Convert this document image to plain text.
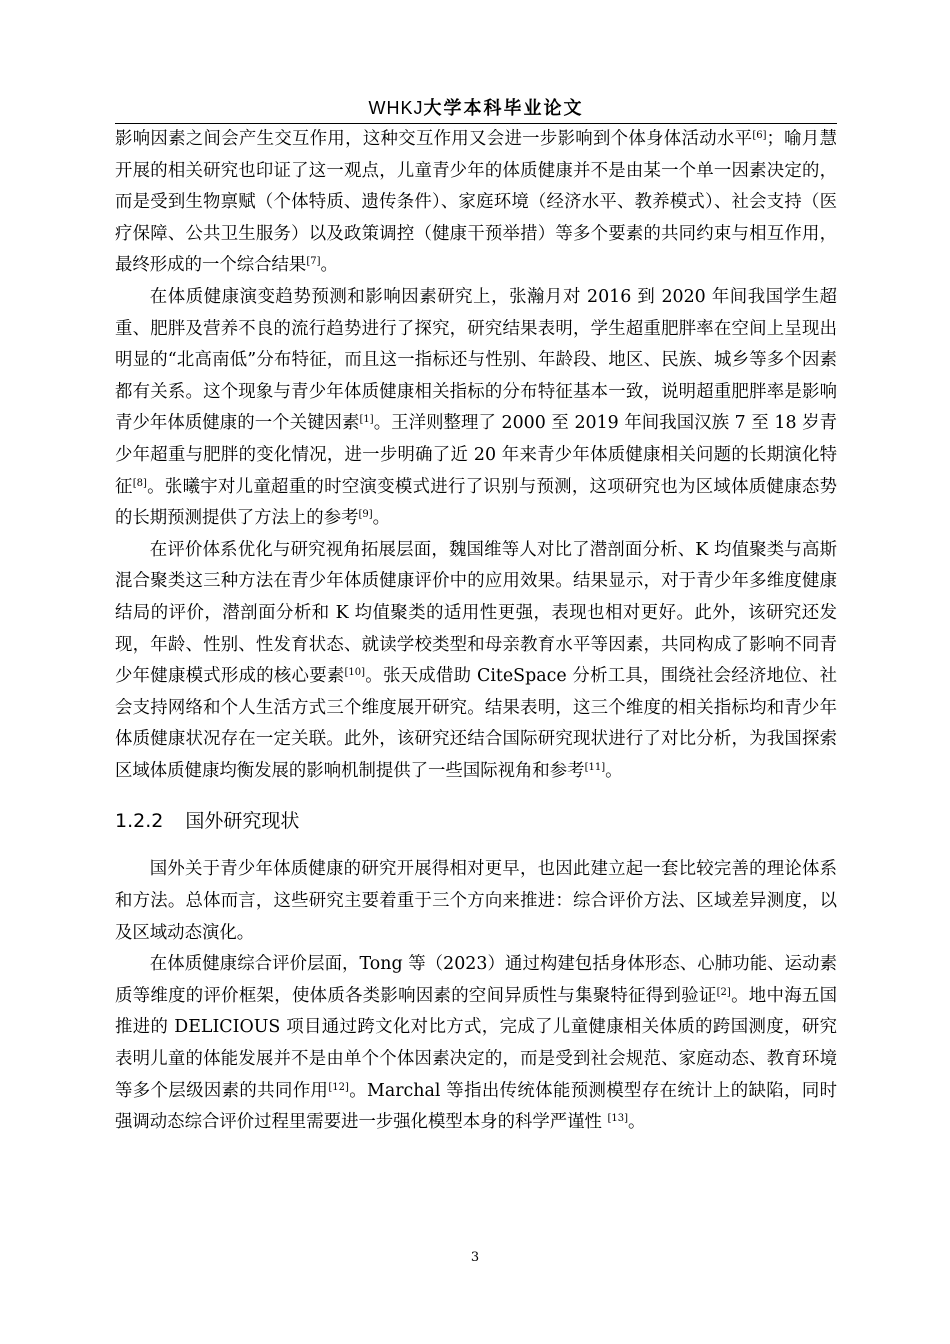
WHKJ大学本科毕业论文

影响因素之间会产生交互作用，这种交互作用又会进一步影响到个体身体活动水平[6]；喻月慧开展的相关研究也印证了这一观点，儿童青少年的体质健康并不是由某一个单一因素决定的，而是受到生物禀赋（个体特质、遗传条件）、家庭环境（经济水平、教养模式）、社会支持（医疗保障、公共卫生服务）以及政策调控（健康干预举措）等多个要素的共同约束与相互作用，最终形成的一个综合结果[7]。

在体质健康演变趋势预测和影响因素研究上，张瀚月对 2016 到 2020 年间我国学生超重、肥胖及营养不良的流行趋势进行了探究，研究结果表明，学生超重肥胖率在空间上呈现出明显的“北高南低”分布特征，而且这一指标还与性别、年龄段、地区、民族、城乡等多个因素都有关系。这个现象与青少年体质健康相关指标的分布特征基本一致，说明超重肥胖率是影响青少年体质健康的一个关键因素[1]。王洋则整理了 2000 至 2019 年间我国汉族 7 至 18 岁青少年超重与肥胖的变化情况，进一步明确了近 20 年来青少年体质健康相关问题的长期演化特征[8]。张曦宇对儿童超重的时空演变模式进行了识别与预测，这项研究也为区域体质健康态势的长期预测提供了方法上的参考[9]。

在评价体系优化与研究视角拓展层面，魏国维等人对比了潜剖面分析、K 均值聚类与高斯混合聚类这三种方法在青少年体质健康评价中的应用效果。结果显示，对于青少年多维度健康结局的评价，潜剖面分析和 K 均值聚类的适用性更强，表现也相对更好。此外，该研究还发现，年龄、性别、性发育状态、就读学校类型和母亲教育水平等因素，共同构成了影响不同青少年健康模式形成的核心要素[10]。张天成借助 CiteSpace 分析工具，围绕社会经济地位、社会支持网络和个人生活方式三个维度展开研究。结果表明，这三个维度的相关指标均和青少年体质健康状况存在一定关联。此外，该研究还结合国际研究现状进行了对比分析，为我国探索区域体质健康均衡发展的影响机制提供了一些国际视角和参考[11]。

1.2.2 国外研究现状

国外关于青少年体质健康的研究开展得相对更早，也因此建立起一套比较完善的理论体系和方法。总体而言，这些研究主要着重于三个方向来推进：综合评价方法、区域差异测度，以及区域动态演化。

在体质健康综合评价层面，Tong 等（2023）通过构建包括身体形态、心肺功能、运动素质等维度的评价框架，使体质各类影响因素的空间异质性与集聚特征得到验证[2]。地中海五国推进的 DELICIOUS 项目通过跨文化对比方式，完成了儿童健康相关体质的跨国测度，研究表明儿童的体能发展并不是由单个个体因素决定的，而是受到社会规范、家庭动态、教育环境等多个层级因素的共同作用[12]。Marchal 等指出传统体能预测模型存在统计上的缺陷，同时强调动态综合评价过程里需要进一步强化模型本身的科学严谨性 [13]。

3
